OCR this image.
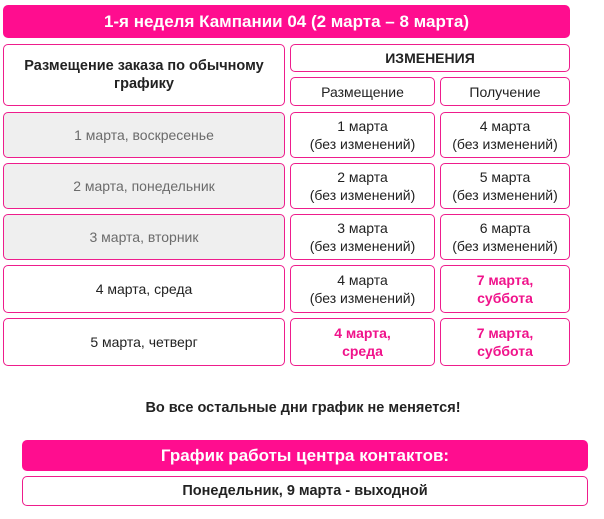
1-я неделя Кампании 04 (2 марта – 8 марта)
Размещение заказа по обычному графику
ИЗМЕНЕНИЯ
Размещение	Получение
1 марта, воскресенье
1 марта
(без изменений)
4 марта
(без изменений)
2 марта, понедельник
2 марта
(без изменений)
5 марта
(без изменений)
3 марта, вторник
3 марта
(без изменений)
6 марта
(без изменений)
4 марта, среда
4 марта
(без изменений)
7 марта,
суббота
5 марта, четверг
4 марта,
среда
7 марта,
суббота
Во все остальные дни график не меняется!
График работы центра контактов:
Понедельник, 9 марта - выходной
